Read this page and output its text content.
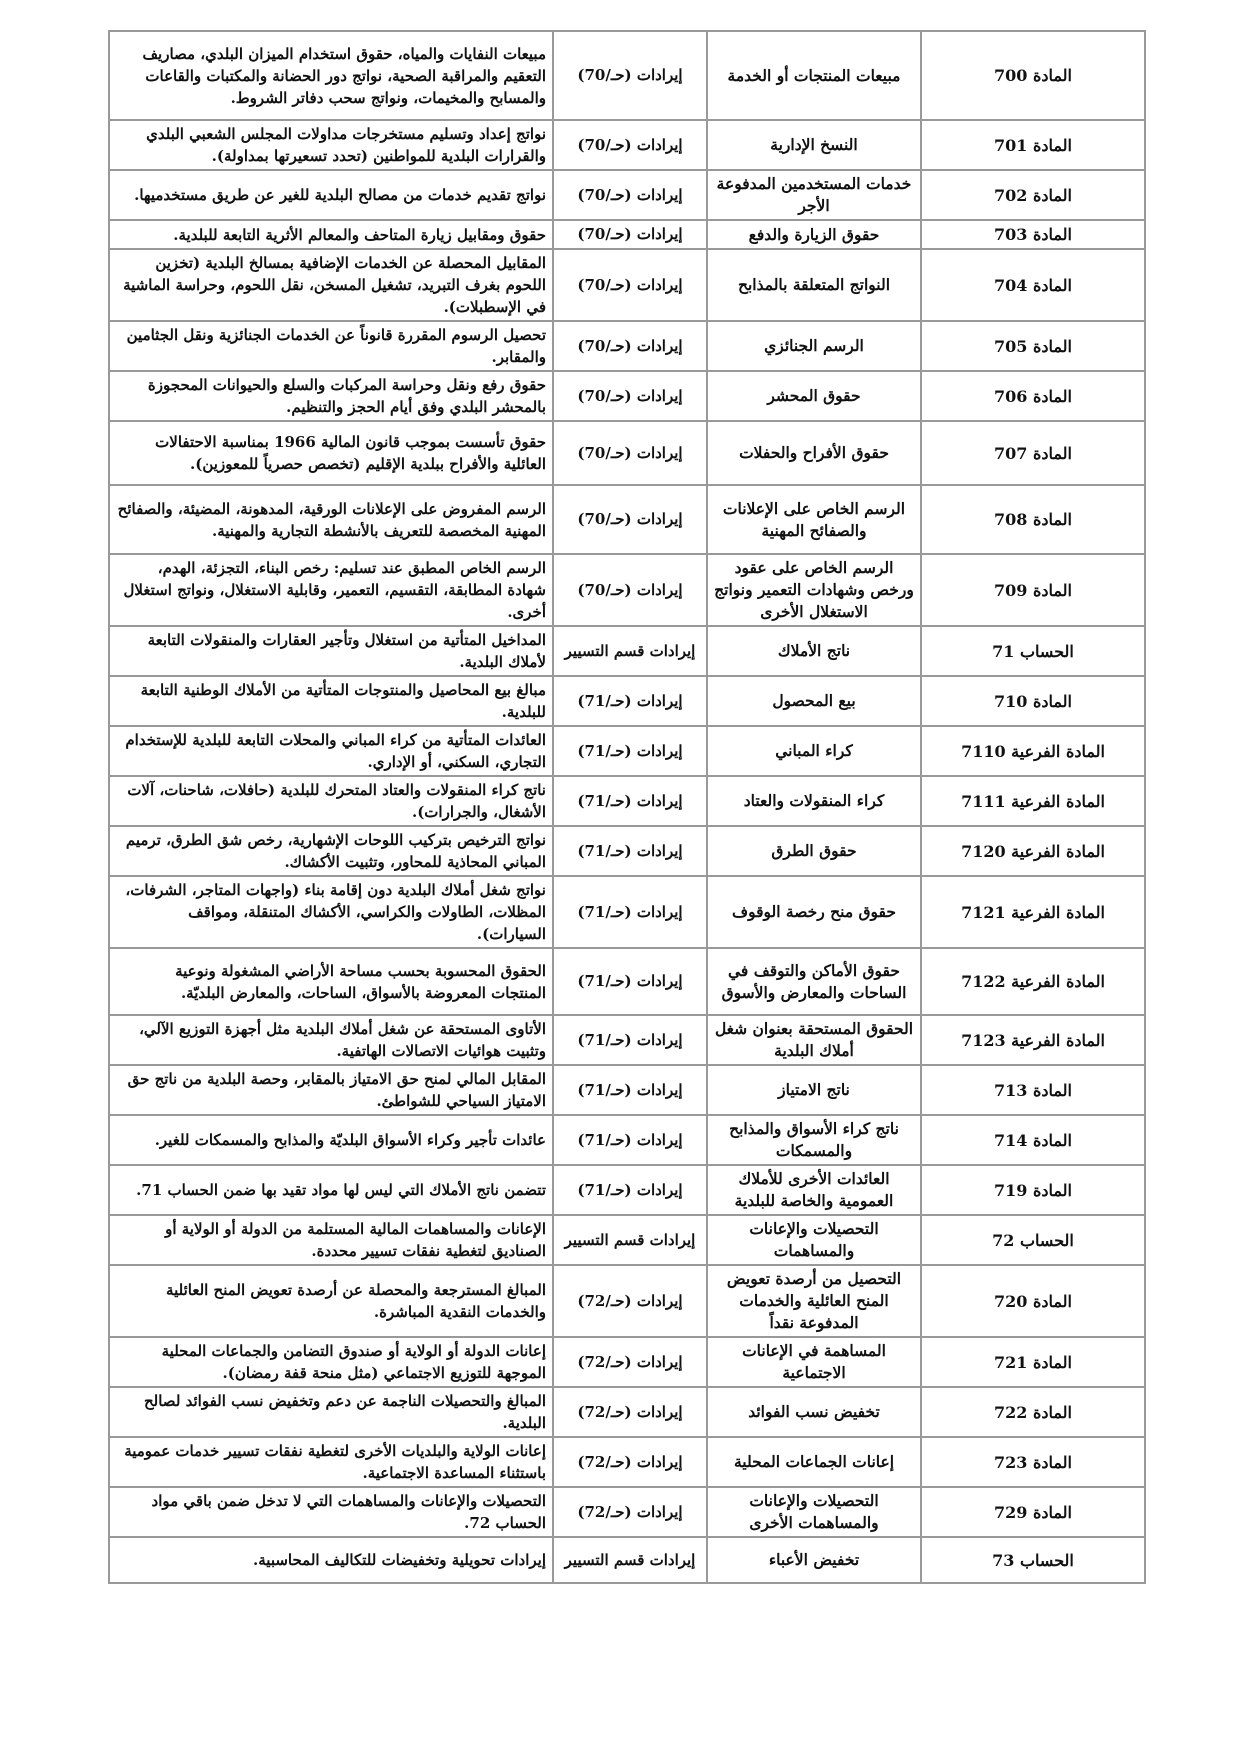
المادة 700	مبيعات المنتجات أو الخدمة	إيرادات (حـ/70)	مبيعات النفايات والمياه، حقوق استخدام الميزان البلدي، مصاريف التعقيم والمراقبة الصحية، نواتج دور الحضانة والمكتبات والقاعات والمسابح والمخيمات، ونواتج سحب دفاتر الشروط.
المادة 701	النسخ الإدارية	إيرادات (حـ/70)	نواتج إعداد وتسليم مستخرجات مداولات المجلس الشعبي البلدي والقرارات البلدية للمواطنين (تحدد تسعيرتها بمداولة).
المادة 702	خدمات المستخدمين المدفوعة الأجر	إيرادات (حـ/70)	نواتج تقديم خدمات من مصالح البلدية للغير عن طريق مستخدميها.
المادة 703	حقوق الزيارة والدفع	إيرادات (حـ/70)	حقوق ومقابيل زيارة المتاحف والمعالم الأثرية التابعة للبلدية.
المادة 704	النواتج المتعلقة بالمذابح	إيرادات (حـ/70)	المقابيل المحصلة عن الخدمات الإضافية بمسالخ البلدية (تخزين اللحوم بغرف التبريد، تشغيل المسخن، نقل اللحوم، وحراسة الماشية في الإسطبلات).
المادة 705	الرسم الجنائزي	إيرادات (حـ/70)	تحصيل الرسوم المقررة قانوناً عن الخدمات الجنائزية ونقل الجثامين والمقابر.
المادة 706	حقوق المحشر	إيرادات (حـ/70)	حقوق رفع ونقل وحراسة المركبات والسلع والحيوانات المحجوزة بالمحشر البلدي وفق أيام الحجز والتنظيم.
المادة 707	حقوق الأفراح والحفلات	إيرادات (حـ/70)	حقوق تأسست بموجب قانون المالية 1966 بمناسبة الاحتفالات العائلية والأفراح ببلدية الإقليم (تخصص حصرياً للمعوزين).
المادة 708	الرسم الخاص على الإعلانات والصفائح المهنية	إيرادات (حـ/70)	الرسم المفروض على الإعلانات الورقية، المدهونة، المضيئة، والصفائح المهنية المخصصة للتعريف بالأنشطة التجارية والمهنية.
المادة 709	الرسم الخاص على عقود ورخص وشهادات التعمير ونواتج الاستغلال الأخرى	إيرادات (حـ/70)	الرسم الخاص المطبق عند تسليم: رخص البناء، التجزئة، الهدم، شهادة المطابقة، التقسيم، التعمير، وقابلية الاستغلال، ونواتج استغلال أخرى.
الحساب 71	ناتج الأملاك	إيرادات قسم التسيير	المداخيل المتأتية من استغلال وتأجير العقارات والمنقولات التابعة لأملاك البلدية.
المادة 710	بيع المحصول	إيرادات (حـ/71)	مبالغ بيع المحاصيل والمنتوجات المتأتية من الأملاك الوطنية التابعة للبلدية.
المادة الفرعية 7110	كراء المباني	إيرادات (حـ/71)	العائدات المتأتية من كراء المباني والمحلات التابعة للبلدية للإستخدام التجاري، السكني، أو الإداري.
المادة الفرعية 7111	كراء المنقولات والعتاد	إيرادات (حـ/71)	ناتج كراء المنقولات والعتاد المتحرك للبلدية (حافلات، شاحنات، آلات الأشغال، والجرارات).
المادة الفرعية 7120	حقوق الطرق	إيرادات (حـ/71)	نواتج الترخيص بتركيب اللوحات الإشهارية، رخص شق الطرق، ترميم المباني المحاذية للمحاور، وتثبيت الأكشاك.
المادة الفرعية 7121	حقوق منح رخصة الوقوف	إيرادات (حـ/71)	نواتج شغل أملاك البلدية دون إقامة بناء (واجهات المتاجر، الشرفات، المظلات، الطاولات والكراسي، الأكشاك المتنقلة، ومواقف السيارات).
المادة الفرعية 7122	حقوق الأماكن والتوقف في الساحات والمعارض والأسوق	إيرادات (حـ/71)	الحقوق المحسوبة بحسب مساحة الأراضي المشغولة ونوعية المنتجات المعروضة بالأسواق، الساحات، والمعارض البلديّة.
المادة الفرعية 7123	الحقوق المستحقة بعنوان شغل أملاك البلدية	إيرادات (حـ/71)	الأتاوى المستحقة عن شغل أملاك البلدية مثل أجهزة التوزيع الآلي، وتثبيت هوائيات الاتصالات الهاتفية.
المادة 713	ناتج الامتياز	إيرادات (حـ/71)	المقابل المالي لمنح حق الامتياز بالمقابر، وحصة البلدية من ناتج حق الامتياز السياحي للشواطئ.
المادة 714	ناتج كراء الأسواق والمذابح والمسمكات	إيرادات (حـ/71)	عائدات تأجير وكراء الأسواق البلديّة والمذابح والمسمكات للغير.
المادة 719	العائدات الأخرى للأملاك العمومية والخاصة للبلدية	إيرادات (حـ/71)	تتضمن ناتج الأملاك التي ليس لها مواد تقيد بها ضمن الحساب 71.
الحساب 72	التحصيلات والإعانات والمساهمات	إيرادات قسم التسيير	الإعانات والمساهمات المالية المستلمة من الدولة أو الولاية أو الصناديق لتغطية نفقات تسيير محددة.
المادة 720	التحصيل من أرصدة تعويض المنح العائلية والخدمات المدفوعة نقداً	إيرادات (حـ/72)	المبالغ المسترجعة والمحصلة عن أرصدة تعويض المنح العائلية والخدمات النقدية المباشرة.
المادة 721	المساهمة في الإعانات الاجتماعية	إيرادات (حـ/72)	إعانات الدولة أو الولاية أو صندوق التضامن والجماعات المحلية الموجهة للتوزيع الاجتماعي (مثل منحة قفة رمضان).
المادة 722	تخفيض نسب الفوائد	إيرادات (حـ/72)	المبالغ والتحصيلات الناجمة عن دعم وتخفيض نسب الفوائد لصالح البلدية.
المادة 723	إعانات الجماعات المحلية	إيرادات (حـ/72)	إعانات الولاية والبلديات الأخرى لتغطية نفقات تسيير خدمات عمومية باستثناء المساعدة الاجتماعية.
المادة 729	التحصيلات والإعانات والمساهمات الأخرى	إيرادات (حـ/72)	التحصيلات والإعانات والمساهمات التي لا تدخل ضمن باقي مواد الحساب 72.
الحساب 73	تخفيض الأعباء	إيرادات قسم التسيير	إيرادات تحويلية وتخفيضات للتكاليف المحاسبية.
